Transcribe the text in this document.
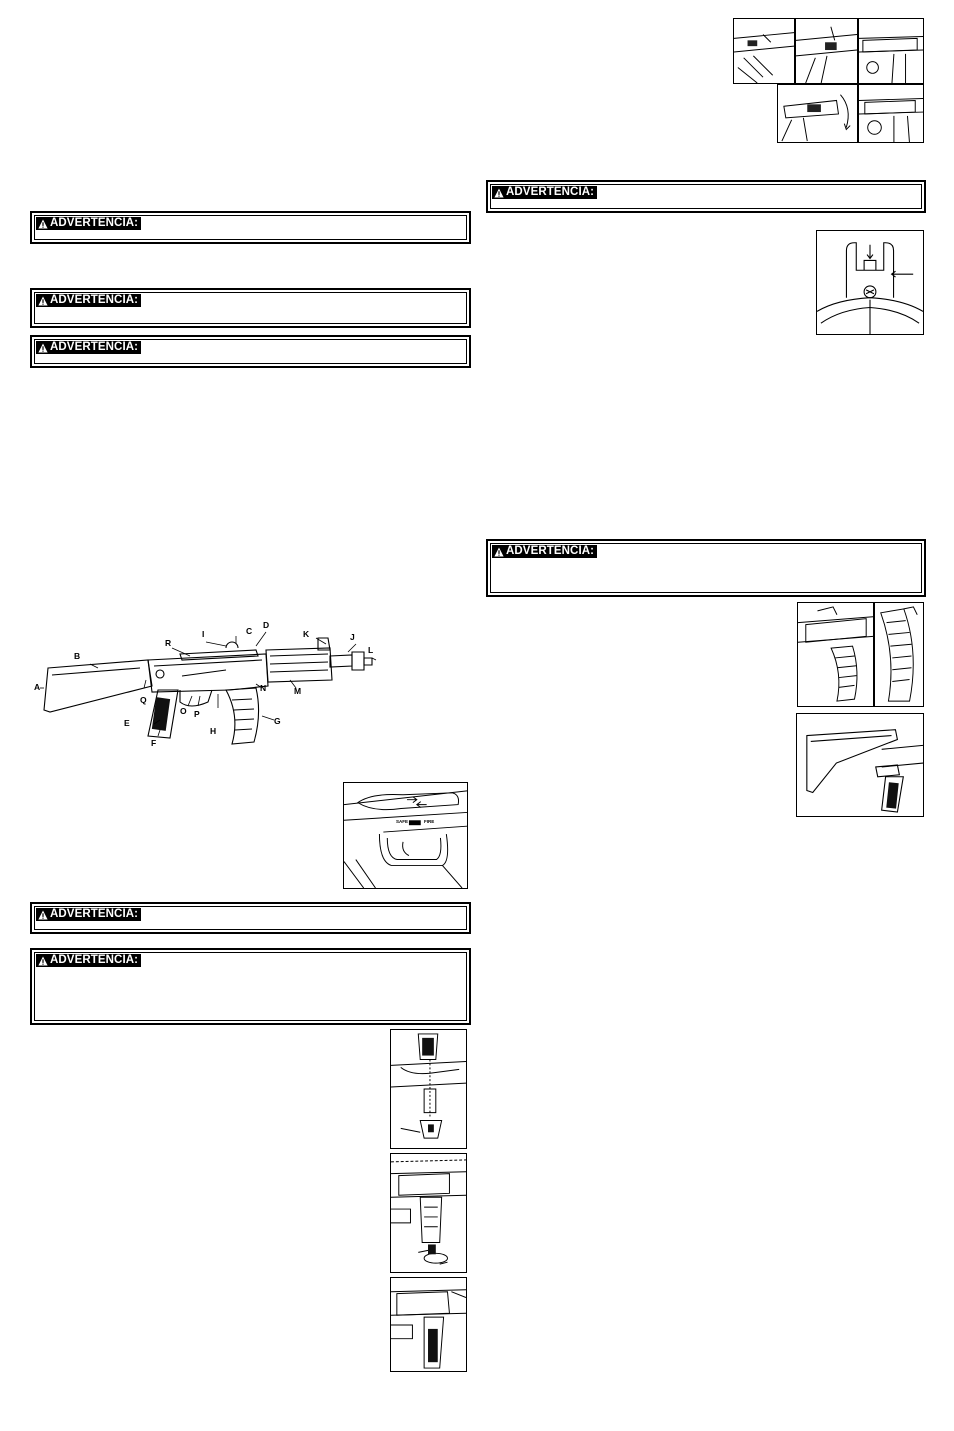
ADVERTENCIA:
ADVERTENCIA:
ADVERTENCIA:
A
B
C
D
E
F
G
H
I	J
K
L
M
N
O P
Q
R
SAFE	FIRE
ADVERTENCIA:
ADVERTENCIA:
ADVERTENCIA:
ADVERTENCIA:
